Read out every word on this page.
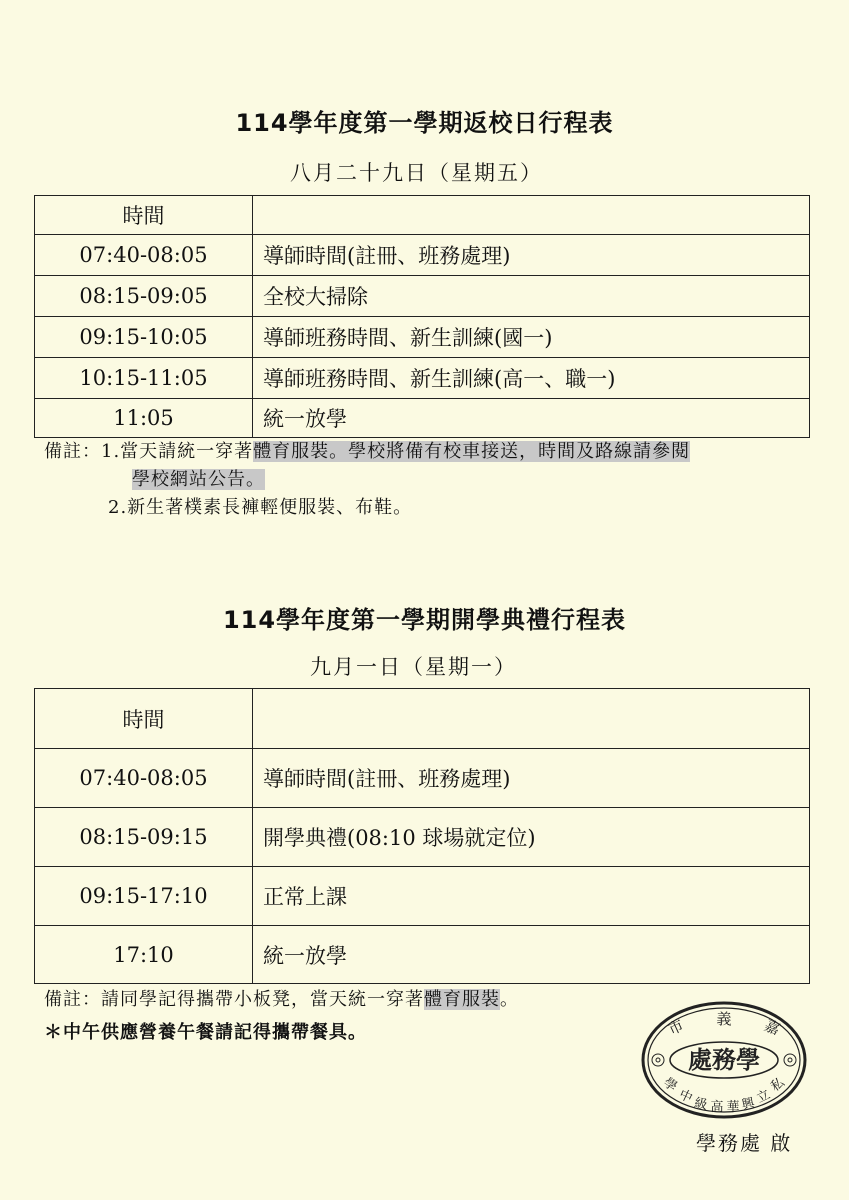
114學年度第一學期返校日行程表
八月二十九日（星期五）
時間	
07:40-08:05	導師時間(註冊、班務處理)
08:15-09:05	全校大掃除
09:15-10:05	導師班務時間、新生訓練(國一)
10:15-11:05	導師班務時間、新生訓練(高一、職一)
11:05	統一放學
備註：1.當天請統一穿著體育服裝。學校將備有校車接送，時間及路線請參閱
學校網站公告。
2.新生著樸素長褲輕便服裝、布鞋。
114學年度第一學期開學典禮行程表
九月一日（星期一）
時間	
07:40-08:05	導師時間(註冊、班務處理)
08:15-09:15	開學典禮(08:10 球場就定位)
09:15-17:10	正常上課
17:10	統一放學
備註：請同學記得攜帶小板凳，當天統一穿著體育服裝。
＊中午供應營養午餐請記得攜帶餐具。	市 義 嘉
處務學
學
中
級 高 華 興
立
私
學務處 啟
